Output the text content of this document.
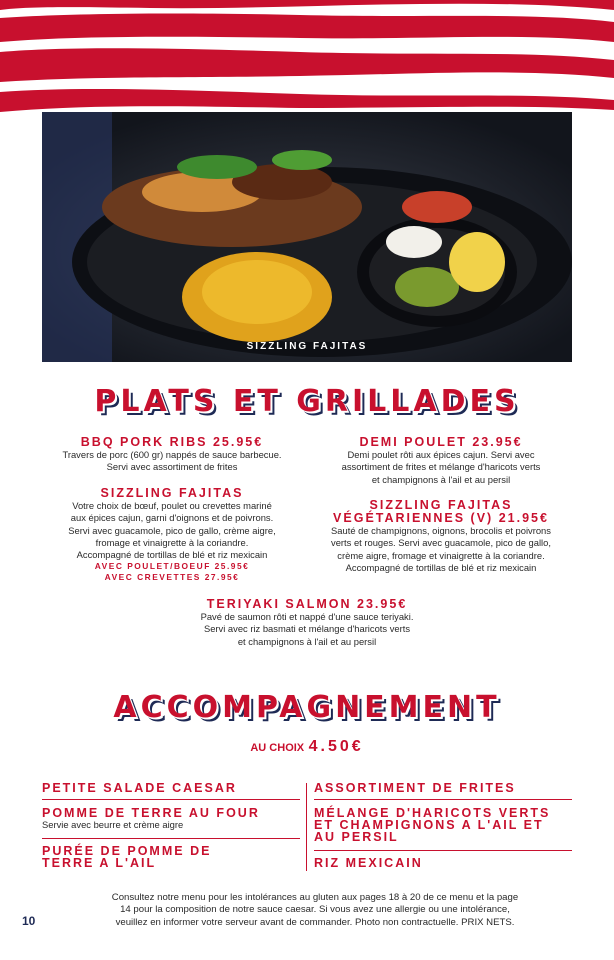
SIZZLING FAJITAS
PLATS ET GRILLADES
BBQ PORK RIBS 25.95€
Travers de porc (600 gr) nappés de sauce barbecue.
Servi avec assortiment de frites
SIZZLING FAJITAS
Votre choix de bœuf, poulet ou crevettes mariné
aux épices cajun, garni d'oignons et de poivrons.
Servi avec guacamole, pico de gallo, crème aigre,
fromage et vinaigrette à la coriandre.
Accompagné de tortillas de blé et riz mexicain
AVEC POULET/BOEUF 25.95€
AVEC CREVETTES 27.95€
DEMI POULET 23.95€
Demi poulet rôti aux épices cajun. Servi avec
assortiment de frites et mélange d'haricots verts
et champignons à l'ail et au persil
SIZZLING FAJITAS
VÉGÉTARIENNES (V) 21.95€
Sauté de champignons, oignons, brocolis et poivrons
verts et rouges. Servi avec guacamole, pico de gallo,
crème aigre, fromage et vinaigrette à la coriandre.
Accompagné de tortillas de blé et riz mexicain
TERIYAKI SALMON 23.95€
Pavé de saumon rôti et nappé d'une sauce teriyaki.
Servi avec riz basmati et mélange d'haricots verts
et champignons à l'ail et au persil
ACCOMPAGNEMENT
AU CHOIX 4.50€
PETITE SALADE CAESAR
POMME DE TERRE AU FOUR
Servie avec beurre et crème aigre
PURÉE DE POMME DE
TERRE A L'AIL
ASSORTIMENT DE FRITES
MÉLANGE D'HARICOTS VERTS
ET CHAMPIGNONS A L'AIL ET
AU PERSIL
RIZ MEXICAIN
Consultez notre menu pour les intolérances au gluten aux pages 18 à 20 de ce menu et la page
14 pour la composition de notre sauce caesar. Si vous avez une allergie ou une intolérance,
veuillez en informer votre serveur avant de commander. Photo non contractuelle. PRIX NETS.
10
